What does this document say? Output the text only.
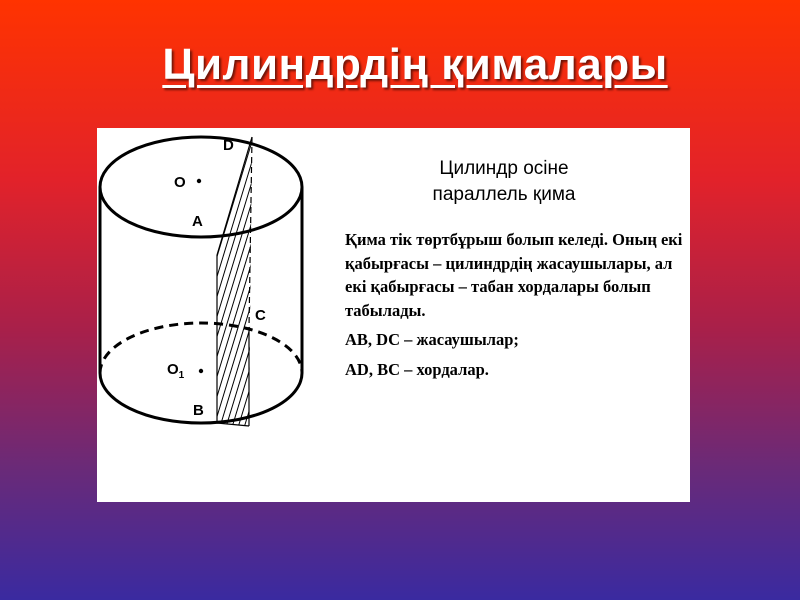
Цилиндрдің қималары
D
O
A
C
$O_1$
B
Цилиндр осіне
параллель қима

Қима тік төртбұрыш болып келеді. Оның екі қабырғасы – цилиндрдің жасаушылары, ал екі қабырғасы – табан хордалары болып табылады.

AB, DC – жасаушылар;

AD, BC – хордалар.
